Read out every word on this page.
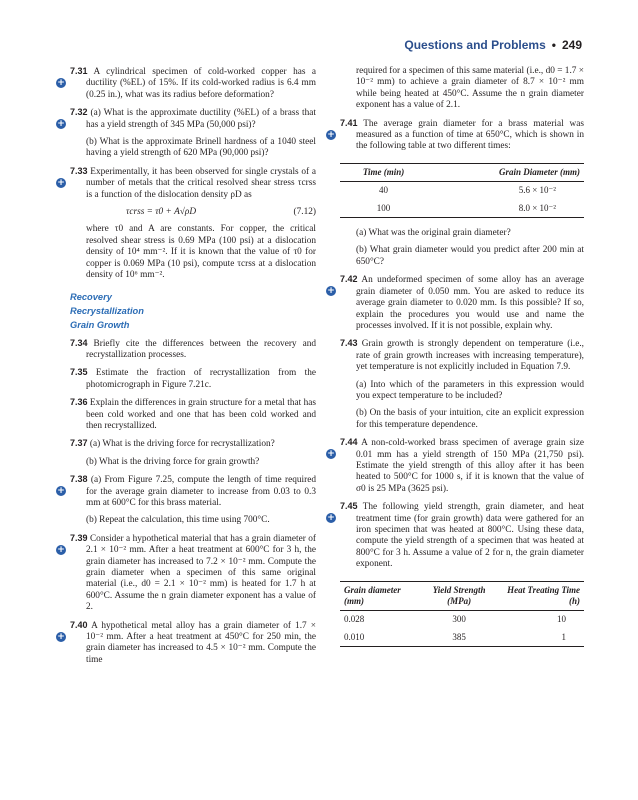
Questions and Problems • 249
+
7.31 A cylindrical specimen of cold-worked copper has a ductility (%EL) of 15%. If its cold-worked radius is 6.4 mm (0.25 in.), what was its radius before deformation?
+
7.32 (a) What is the approximate ductility (%EL) of a brass that has a yield strength of 345 MPa (50,000 psi)?
(b) What is the approximate Brinell hardness of a 1040 steel having a yield strength of 620 MPa (90,000 psi)?
+
7.33 Experimentally, it has been observed for single crystals of a number of metals that the critical resolved shear stress τcrss is a function of the dislocation density ρD as
τcrss = τ0 + A√ρD	(7.12)
where τ0 and A are constants. For copper, the critical resolved shear stress is 0.69 MPa (100 psi) at a dislocation density of 10⁴ mm⁻². If it is known that the value of τ0 for copper is 0.069 MPa (10 psi), compute τcrss at a dislocation density of 10⁶ mm⁻².
Recovery
Recrystallization
Grain Growth
7.34 Briefly cite the differences between the recovery and recrystallization processes.
7.35 Estimate the fraction of recrystallization from the photomicrograph in Figure 7.21c.
7.36 Explain the differences in grain structure for a metal that has been cold worked and one that has been cold worked and then recrystallized.
7.37 (a) What is the driving force for recrystallization?
(b) What is the driving force for grain growth?
+
7.38 (a) From Figure 7.25, compute the length of time required for the average grain diameter to increase from 0.03 to 0.3 mm at 600°C for this brass material.
(b) Repeat the calculation, this time using 700°C.
+
7.39 Consider a hypothetical material that has a grain diameter of 2.1 × 10⁻² mm. After a heat treatment at 600°C for 3 h, the grain diameter has increased to 7.2 × 10⁻² mm. Compute the grain diameter when a specimen of this same original material (i.e., d0 = 2.1 × 10⁻² mm) is heated for 1.7 h at 600°C. Assume the n grain diameter exponent has a value of 2.
+
7.40 A hypothetical metal alloy has a grain diameter of 1.7 × 10⁻² mm. After a heat treatment at 450°C for 250 min, the grain diameter has increased to 4.5 × 10⁻² mm. Compute the time
required for a specimen of this same material (i.e., d0 = 1.7 × 10⁻² mm) to achieve a grain diameter of 8.7 × 10⁻² mm while being heated at 450°C. Assume the n grain diameter exponent has a value of 2.1.
+
7.41 The average grain diameter for a brass material was measured as a function of time at 650°C, which is shown in the following table at two different times:
Time (min)	Grain Diameter (mm)
40	5.6 × 10⁻²
100	8.0 × 10⁻²
(a) What was the original grain diameter?
(b) What grain diameter would you predict after 200 min at 650°C?
+
7.42 An undeformed specimen of some alloy has an average grain diameter of 0.050 mm. You are asked to reduce its average grain diameter to 0.020 mm. Is this possible? If so, explain the procedures you would use and name the processes involved. If it is not possible, explain why.
7.43 Grain growth is strongly dependent on temperature (i.e., rate of grain growth increases with increasing temperature), yet temperature is not explicitly included in Equation 7.9.
(a) Into which of the parameters in this expression would you expect temperature to be included?
(b) On the basis of your intuition, cite an explicit expression for this temperature dependence.
+
7.44 A non-cold-worked brass specimen of average grain size 0.01 mm has a yield strength of 150 MPa (21,750 psi). Estimate the yield strength of this alloy after it has been heated to 500°C for 1000 s, if it is known that the value of σ0 is 25 MPa (3625 psi).
+
7.45 The following yield strength, grain diameter, and heat treatment time (for grain growth) data were gathered for an iron specimen that was heated at 800°C. Using these data, compute the yield strength of a specimen that was heated at 800°C for 3 h. Assume a value of 2 for n, the grain diameter exponent.
Grain diameter (mm)	Yield Strength (MPa)	Heat Treating Time (h)
0.028	300	10
0.010	385	1
